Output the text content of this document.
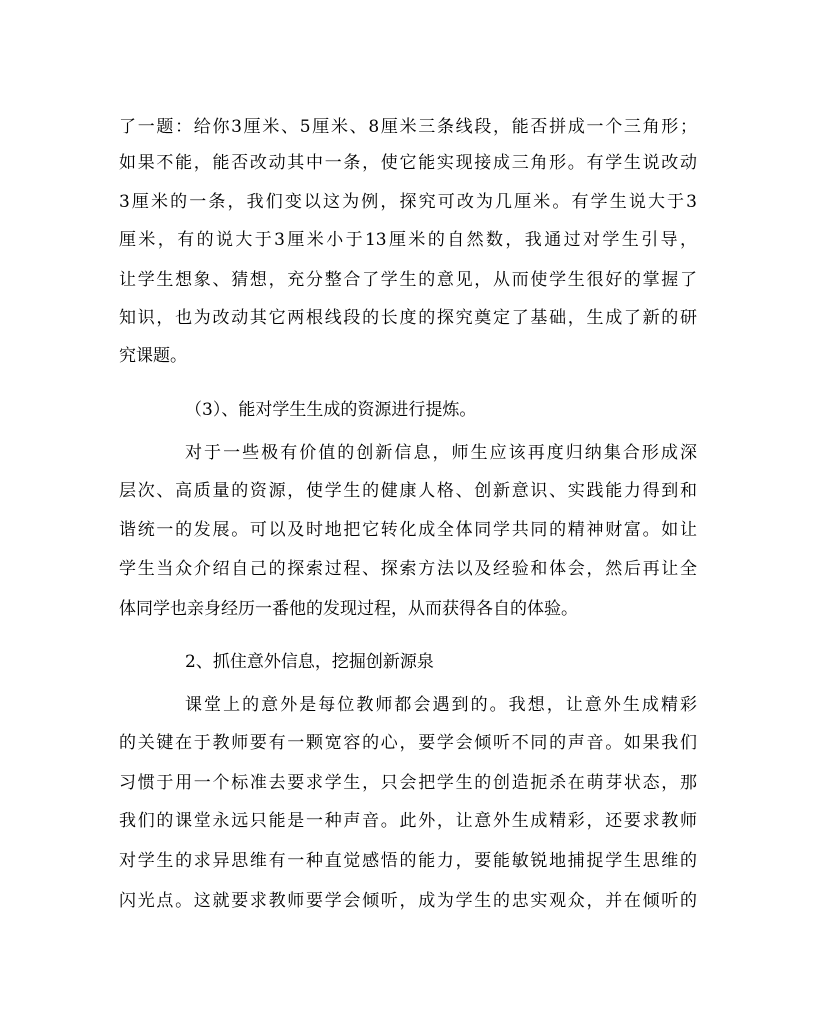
了一题：给你3厘米、5厘米、8厘米三条线段，能否拼成一个三角形；
如果不能，能否改动其中一条，使它能实现接成三角形。有学生说改动
3厘米的一条，我们变以这为例，探究可改为几厘米。有学生说大于3
厘米，有的说大于3厘米小于13厘米的自然数，我通过对学生引导，
让学生想象、猜想，充分整合了学生的意见，从而使学生很好的掌握了
知识，也为改动其它两根线段的长度的探究奠定了基础，生成了新的研
究课题。
（3）、能对学生生成的资源进行提炼。
对于一些极有价值的创新信息，师生应该再度归纳集合形成深
层次、高质量的资源，使学生的健康人格、创新意识、实践能力得到和
谐统一的发展。可以及时地把它转化成全体同学共同的精神财富。如让
学生当众介绍自己的探索过程、探索方法以及经验和体会，然后再让全
体同学也亲身经历一番他的发现过程，从而获得各自的体验。
2、抓住意外信息，挖掘创新源泉
课堂上的意外是每位教师都会遇到的。我想，让意外生成精彩
的关键在于教师要有一颗宽容的心，要学会倾听不同的声音。如果我们
习惯于用一个标准去要求学生，只会把学生的创造扼杀在萌芽状态，那
我们的课堂永远只能是一种声音。此外，让意外生成精彩，还要求教师
对学生的求异思维有一种直觉感悟的能力，要能敏锐地捕捉学生思维的
闪光点。这就要求教师要学会倾听，成为学生的忠实观众，并在倾听的
